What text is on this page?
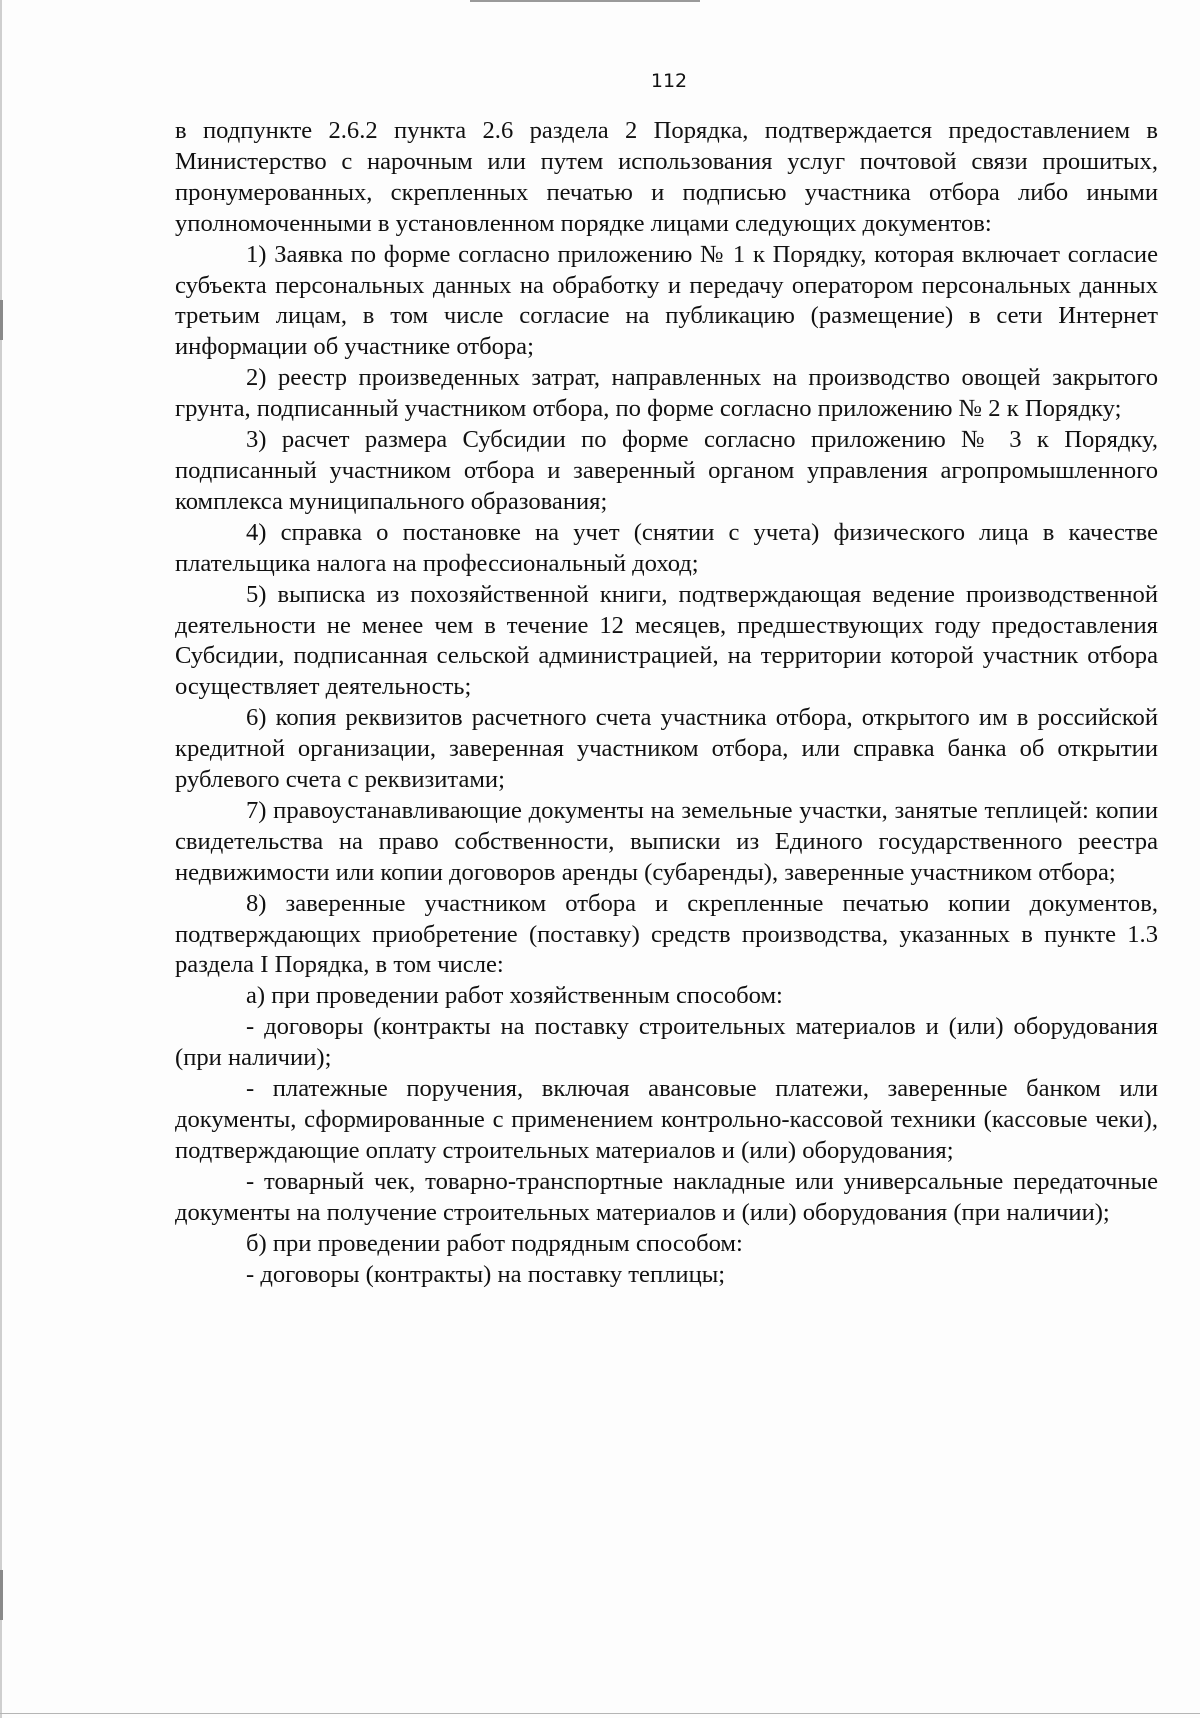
112

в подпункте 2.6.2 пункта 2.6 раздела 2 Порядка, подтверждается предоставлением в Министерство с нарочным или путем использования услуг почтовой связи прошитых, пронумерованных, скрепленных печатью и подписью участника отбора либо иными уполномоченными в установленном порядке лицами следующих документов:

1) Заявка по форме согласно приложению № 1 к Порядку, которая включает согласие субъекта персональных данных на обработку и передачу оператором персональных данных третьим лицам, в том числе согласие на публикацию (размещение) в сети Интернет информации об участнике отбора;

2) реестр произведенных затрат, направленных на производство овощей закрытого грунта, подписанный участником отбора, по форме согласно приложению № 2 к Порядку;

3) расчет размера Субсидии по форме согласно приложению № 3 к Порядку, подписанный участником отбора и заверенный органом управления агропромышленного комплекса муниципального образования;

4) справка о постановке на учет (снятии с учета) физического лица в качестве плательщика налога на профессиональный доход;

5) выписка из похозяйственной книги, подтверждающая ведение производственной деятельности не менее чем в течение 12 месяцев, предшествующих году предоставления Субсидии, подписанная сельской администрацией, на территории которой участник отбора осуществляет деятельность;

6) копия реквизитов расчетного счета участника отбора, открытого им в российской кредитной организации, заверенная участником отбора, или справка банка об открытии рублевого счета с реквизитами;

7) правоустанавливающие документы на земельные участки, занятые теплицей: копии свидетельства на право собственности, выписки из Единого государственного реестра недвижимости или копии договоров аренды (субаренды), заверенные участником отбора;

8) заверенные участником отбора и скрепленные печатью копии документов, подтверждающих приобретение (поставку) средств производства, указанных в пункте 1.3 раздела I Порядка, в том числе:

а) при проведении работ хозяйственным способом:

- договоры (контракты на поставку строительных материалов и (или) оборудования (при наличии);

- платежные поручения, включая авансовые платежи, заверенные банком или документы, сформированные с применением контрольно-кассовой техники (кассовые чеки), подтверждающие оплату строительных материалов и (или) оборудования;

- товарный чек, товарно-транспортные накладные или универсальные передаточные документы на получение строительных материалов и (или) оборудования (при наличии);

б) при проведении работ подрядным способом:

- договоры (контракты) на поставку теплицы;
